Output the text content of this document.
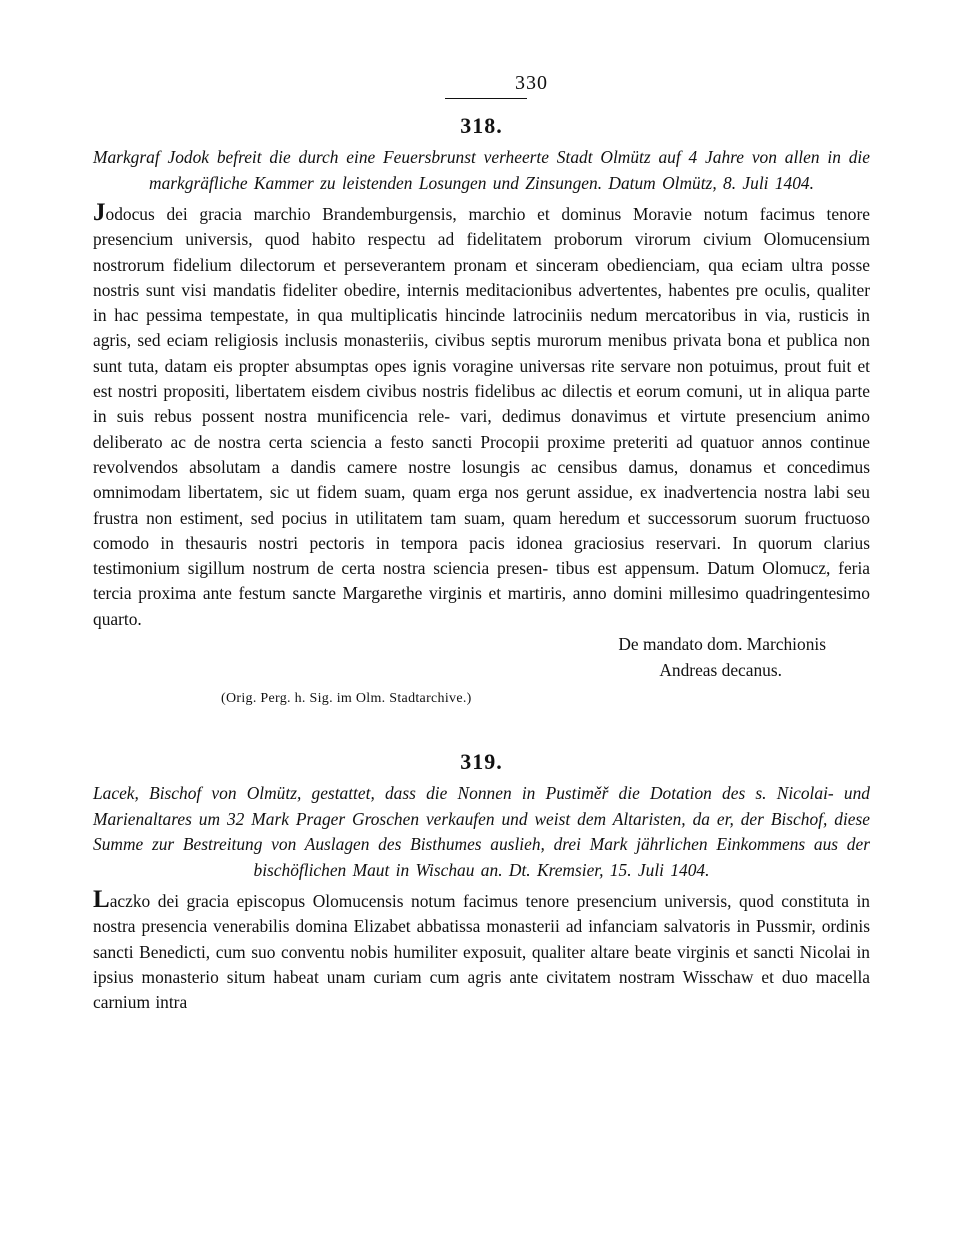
330
318.
Markgraf Jodok befreit die durch eine Feuersbrunst verheerte Stadt Olmütz auf 4 Jahre von allen in die markgräfliche Kammer zu leistenden Losungen und Zinsungen. Datum Olmütz, 8. Juli 1404.
Jodocus dei gracia marchio Brandemburgensis, marchio et dominus Moravie notum facimus tenore presencium universis, quod habito respectu ad fidelitatem proborum virorum civium Olomucensium nostrorum fidelium dilectorum et perseverantem pronam et sinceram obedienciam, qua eciam ultra posse nostris sunt visi mandatis fideliter obedire, internis meditacionibus advertentes, habentes pre oculis, qualiter in hac pessima tempestate, in qua multiplicatis hincinde latrociniis nedum mercatoribus in via, rusticis in agris, sed eciam religiosis inclusis monasteriis, civibus septis murorum menibus privata bona et publica non sunt tuta, datam eis propter absumptas opes ignis voragine universas rite servare non potuimus, prout fuit et est nostri propositi, libertatem eisdem civibus nostris fidelibus ac dilectis et eorum comuni, ut in aliqua parte in suis rebus possent nostra munificencia rele- vari, dedimus donavimus et virtute presencium animo deliberato ac de nostra certa sciencia a festo sancti Procopii proxime preteriti ad quatuor annos continue revolvendos absolutam a dandis camere nostre losungis ac censibus damus, donamus et concedimus omnimodam libertatem, sic ut fidem suam, quam erga nos gerunt assidue, ex inadvertencia nostra labi seu frustra non estiment, sed pocius in utilitatem tam suam, quam heredum et successorum suorum fructuoso comodo in thesauris nostri pectoris in tempora pacis idonea graciosius reservari. In quorum clarius testimonium sigillum nostrum de certa nostra sciencia presen- tibus est appensum. Datum Olomucz, feria tercia proxima ante festum sancte Margarethe virginis et martiris, anno domini millesimo quadringentesimo quarto.
De mandato dom. Marchionis
Andreas decanus.
(Orig. Perg. h. Sig. im Olm. Stadtarchive.)
319.
Lacek, Bischof von Olmütz, gestattet, dass die Nonnen in Pustiměř die Dotation des s. Nicolai- und Marienaltares um 32 Mark Prager Groschen verkaufen und weist dem Altaristen, da er, der Bischof, diese Summe zur Bestreitung von Auslagen des Bisthumes auslieh, drei Mark jährlichen Einkommens aus der bischöflichen Maut in Wischau an. Dt. Kremsier, 15. Juli 1404.
Laczko dei gracia episcopus Olomucensis notum facimus tenore presencium universis, quod constituta in nostra presencia venerabilis domina Elizabet abbatissa monasterii ad infanciam salvatoris in Pussmir, ordinis sancti Benedicti, cum suo conventu nobis humiliter exposuit, qualiter altare beate virginis et sancti Nicolai in ipsius monasterio situm habeat unam curiam cum agris ante civitatem nostram Wisschaw et duo macella carnium intra
